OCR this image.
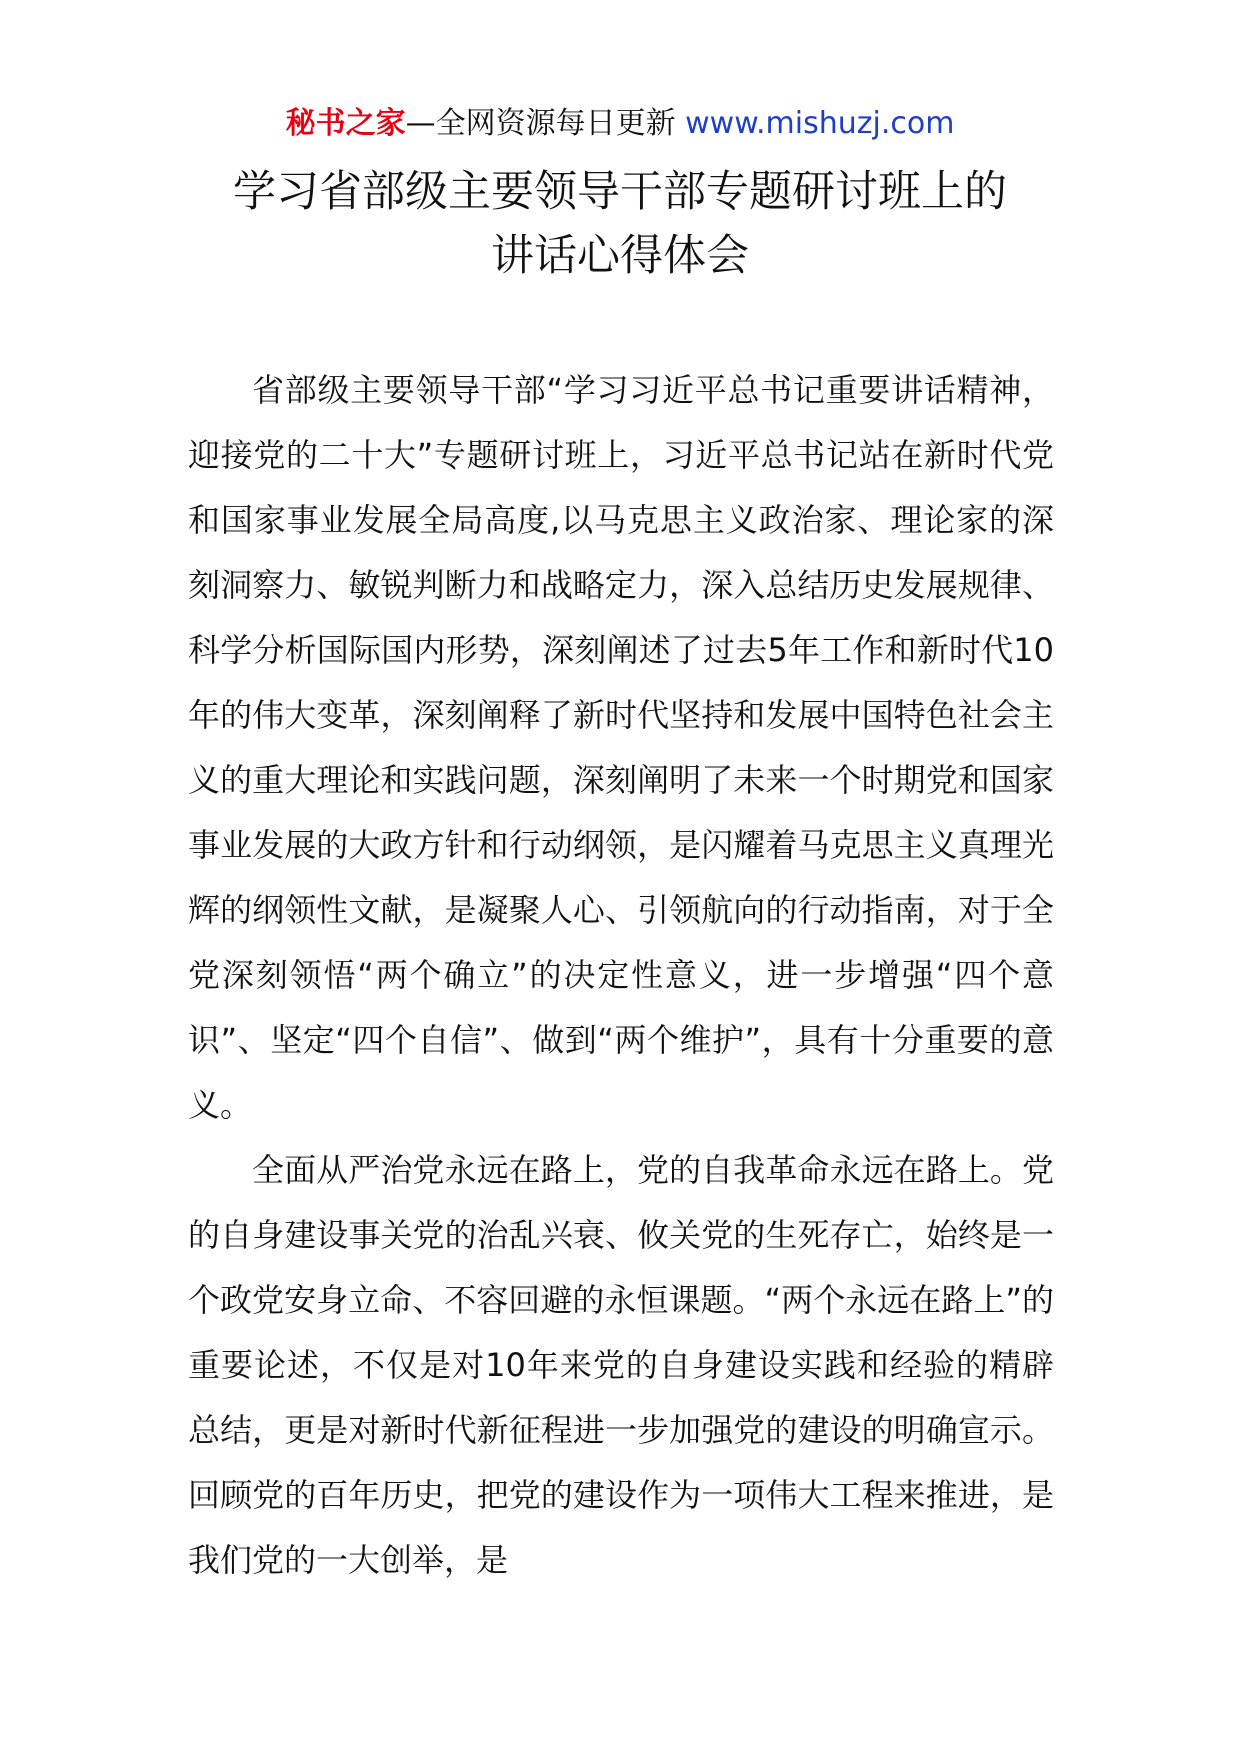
秘书之家—全网资源每日更新 www.mishuzj.com
学习省部级主要领导干部专题研讨班上的
讲话心得体会

省部级主要领导干部“学习习近平总书记重要讲话精神，迎接党的二十大”专题研讨班上，习近平总书记站在新时代党和国家事业发展全局高度,以马克思主义政治家、理论家的深刻洞察力、敏锐判断力和战略定力，深入总结历史发展规律、科学分析国际国内形势，深刻阐述了过去5年工作和新时代10年的伟大变革，深刻阐释了新时代坚持和发展中国特色社会主义的重大理论和实践问题，深刻阐明了未来一个时期党和国家事业发展的大政方针和行动纲领，是闪耀着马克思主义真理光辉的纲领性文献，是凝聚人心、引领航向的行动指南，对于全党深刻领悟“两个确立”的决定性意义，进一步增强“四个意识”、坚定“四个自信”、做到“两个维护”，具有十分重要的意义。

全面从严治党永远在路上，党的自我革命永远在路上。党的自身建设事关党的治乱兴衰、攸关党的生死存亡，始终是一个政党安身立命、不容回避的永恒课题。“两个永远在路上”的重要论述，不仅是对10年来党的自身建设实践和经验的精辟总结，更是对新时代新征程进一步加强党的建设的明确宣示。回顾党的百年历史，把党的建设作为一项伟大工程来推进，是我们党的一大创举，是
